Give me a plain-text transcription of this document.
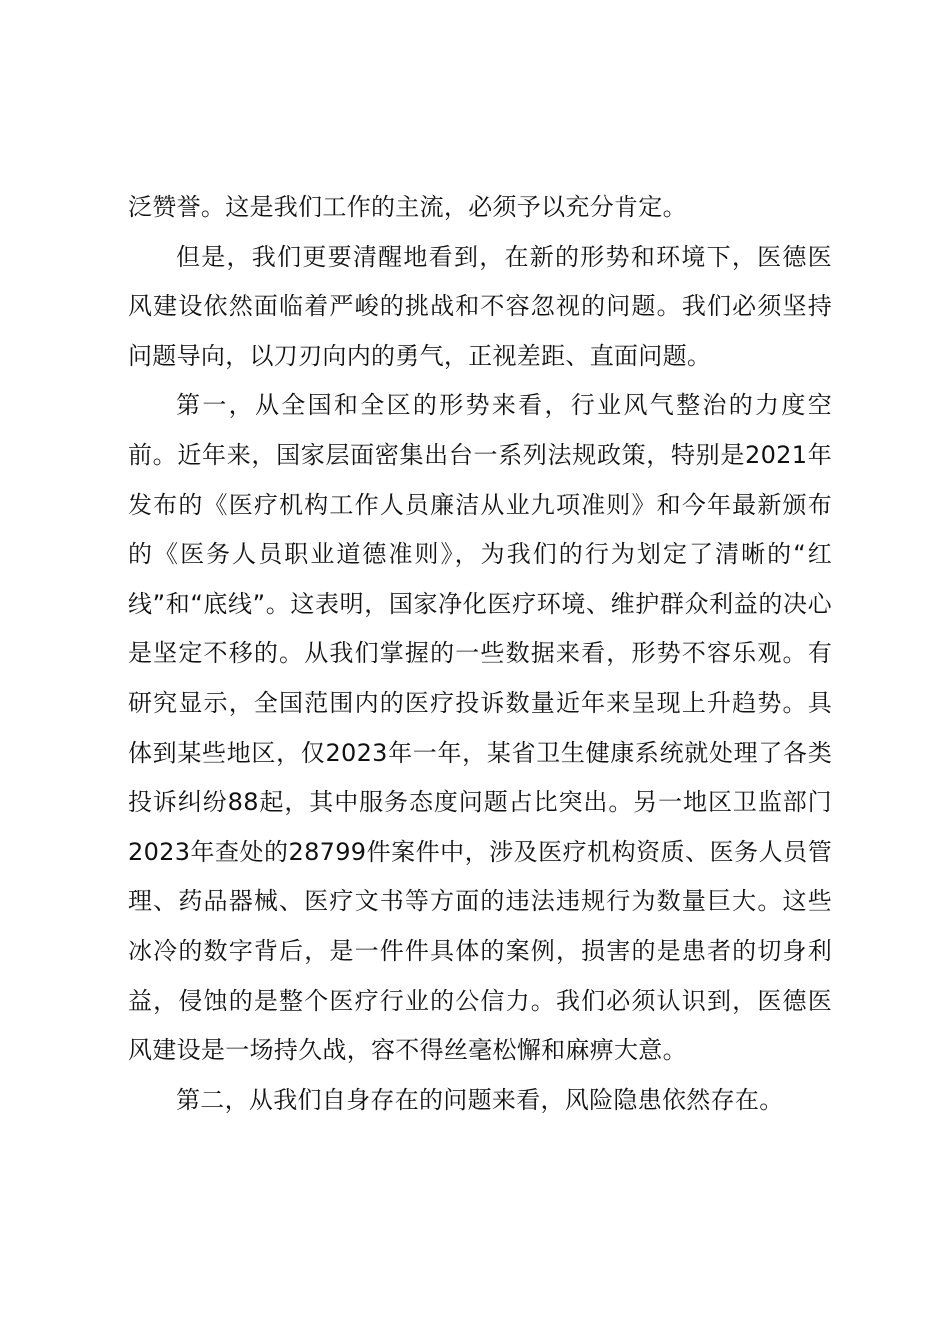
泛赞誉。这是我们工作的主流，必须予以充分肯定。

但是，我们更要清醒地看到，在新的形势和环境下，医德医风建设依然面临着严峻的挑战和不容忽视的问题。我们必须坚持问题导向，以刀刃向内的勇气，正视差距、直面问题。

第一，从全国和全区的形势来看，行业风气整治的力度空前。近年来，国家层面密集出台一系列法规政策，特别是2021年发布的《医疗机构工作人员廉洁从业九项准则》和今年最新颁布的《医务人员职业道德准则》，为我们的行为划定了清晰的“红线”和“底线”。这表明，国家净化医疗环境、维护群众利益的决心是坚定不移的。从我们掌握的一些数据来看，形势不容乐观。有研究显示，全国范围内的医疗投诉数量近年来呈现上升趋势。具体到某些地区，仅2023年一年，某省卫生健康系统就处理了各类投诉纠纷88起，其中服务态度问题占比突出。另一地区卫监部门2023年查处的28799件案件中，涉及医疗机构资质、医务人员管理、药品器械、医疗文书等方面的违法违规行为数量巨大。这些冰冷的数字背后，是一件件具体的案例，损害的是患者的切身利益，侵蚀的是整个医疗行业的公信力。我们必须认识到，医德医风建设是一场持久战，容不得丝毫松懈和麻痹大意。

第二，从我们自身存在的问题来看，风险隐患依然存在。
